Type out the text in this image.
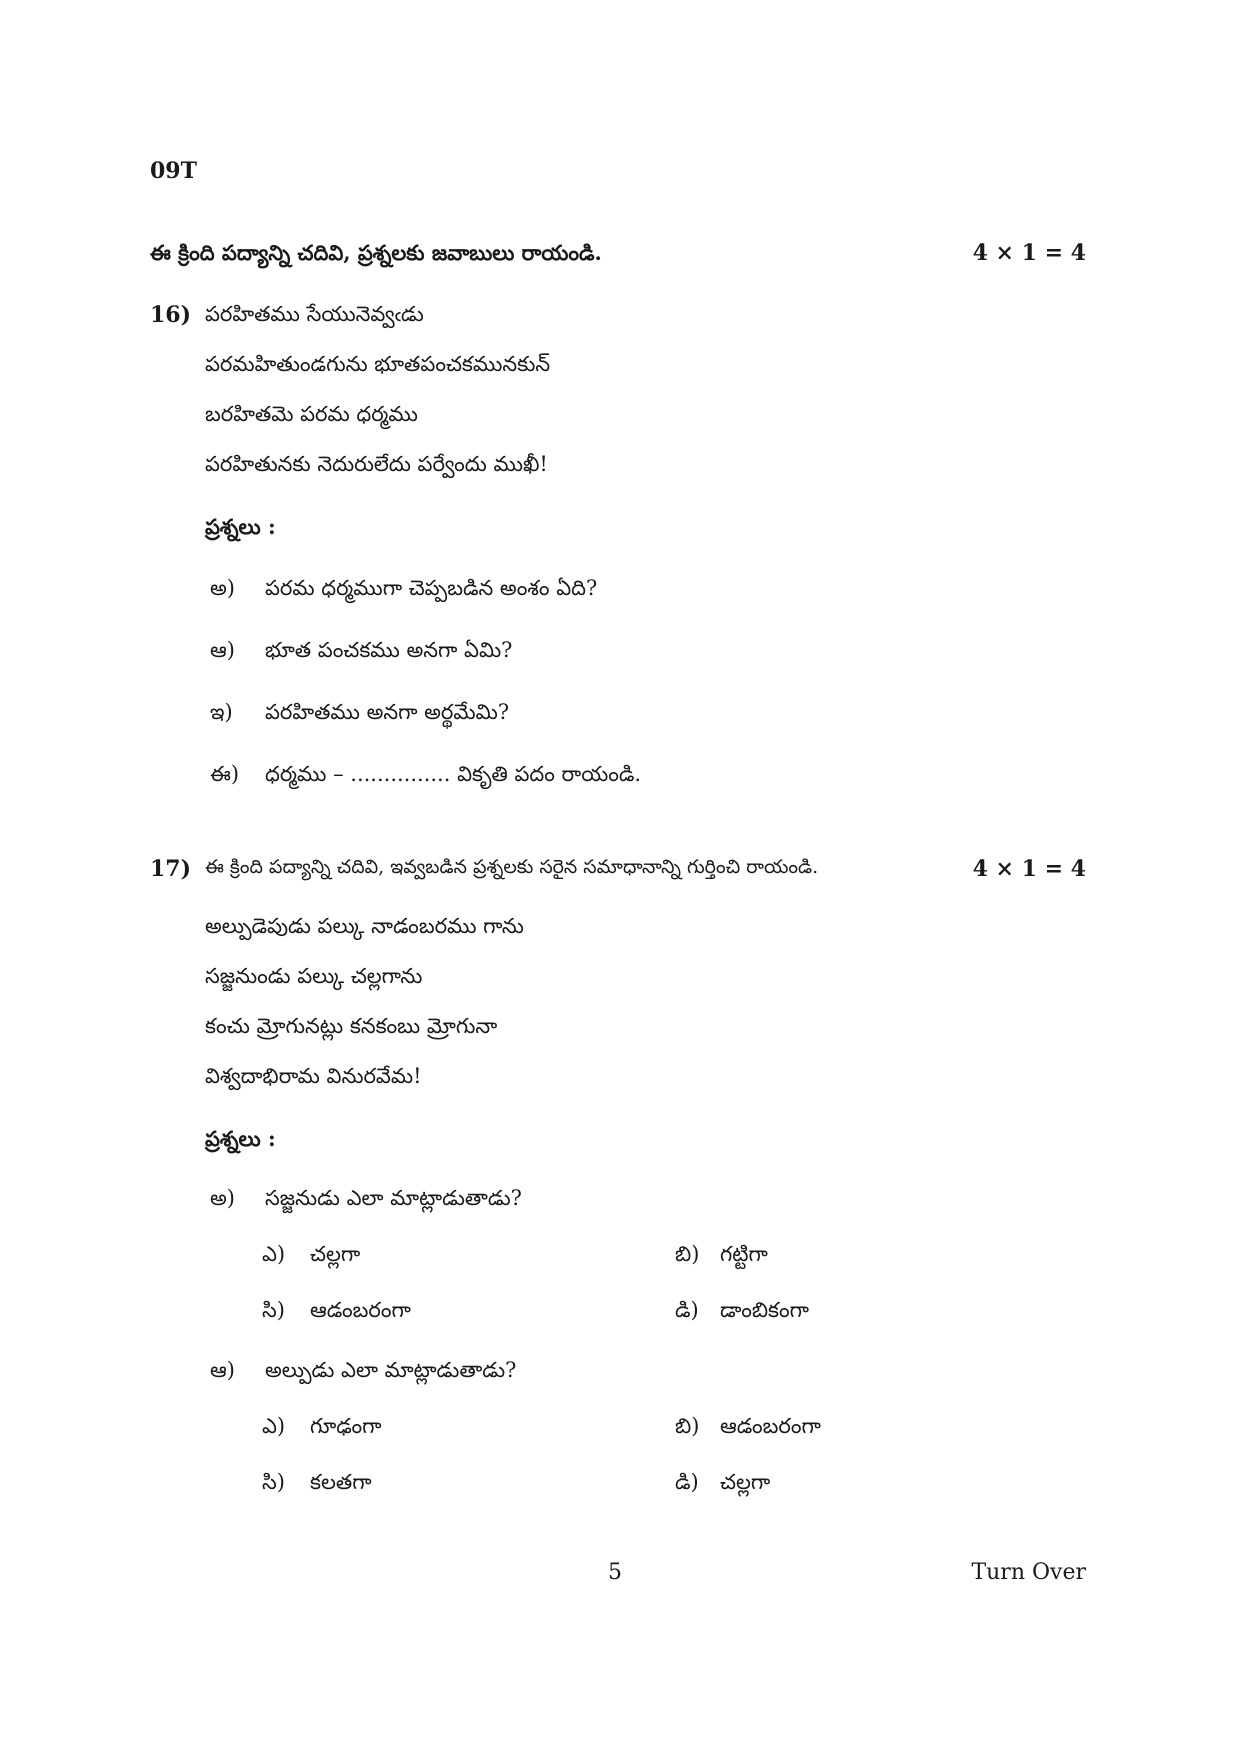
09T
ఈ క్రింది పద్యాన్ని చదివి, ప్రశ్నలకు జవాబులు రాయండి.	4 × 1 = 4
16) పరహితము సేయునెవ్వఁడు
పరమహితుండగును భూతపంచకమునకున్
బరహితమె పరమ ధర్మము
పరహితునకు నెదురులేదు పర్వేందు ముఖీ!
ప్రశ్నలు :
అ) పరమ ధర్మముగా చెప్పబడిన అంశం ఏది?
ఆ) భూత పంచకము అనగా ఏమి?
ఇ) పరహితము అనగా అర్థమేమి?
ఈ) ధర్మము – ............... వికృతి పదం రాయండి.
17) ఈ క్రింది పద్యాన్ని చదివి, ఇవ్వబడిన ప్రశ్నలకు సరైన సమాధానాన్ని గుర్తించి రాయండి.	4 × 1 = 4
అల్పుడెపుడు పల్కు నాడంబరము గాను
సజ్జనుండు పల్కు చల్లగాను
కంచు మ్రోగునట్లు కనకంబు మ్రోగునా
విశ్వదాభిరామ వినురవేమ!
ప్రశ్నలు :
అ) సజ్జనుడు ఎలా మాట్లాడుతాడు?
ఎ) చల్లగా	బి) గట్టిగా
సి) ఆడంబరంగా	డి) డాంబికంగా
ఆ) అల్పుడు ఎలా మాట్లాడుతాడు?
ఎ) గూఢంగా	బి) ఆడంబరంగా
సి) కలతగా	డి) చల్లగా
5	Turn Over
